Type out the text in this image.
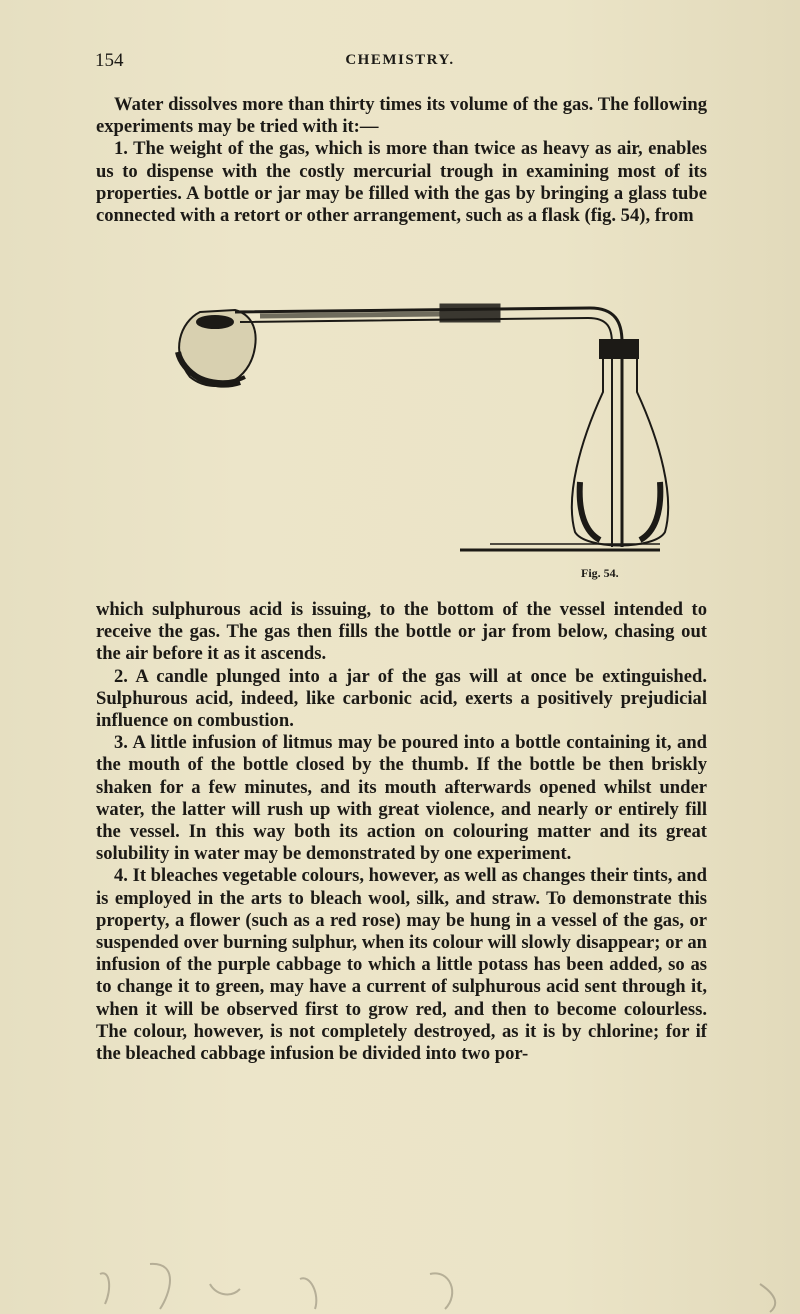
154	CHEMISTRY.

Water dissolves more than thirty times its volume of the gas. The following experiments may be tried with it:—

1. The weight of the gas, which is more than twice as heavy as air, enables us to dispense with the costly mercurial trough in examining most of its properties. A bottle or jar may be filled with the gas by bringing a glass tube connected with a retort or other arrangement, such as a flask (fig. 54), from

Fig. 54.

which sulphurous acid is issuing, to the bottom of the vessel intended to receive the gas. The gas then fills the bottle or jar from below, chasing out the air before it as it ascends.

2. A candle plunged into a jar of the gas will at once be extinguished. Sulphurous acid, indeed, like carbonic acid, exerts a positively prejudicial influence on combustion.

3. A little infusion of litmus may be poured into a bottle containing it, and the mouth of the bottle closed by the thumb. If the bottle be then briskly shaken for a few minutes, and its mouth afterwards opened whilst under water, the latter will rush up with great violence, and nearly or entirely fill the vessel. In this way both its action on colouring matter and its great solubility in water may be demonstrated by one experiment.

4. It bleaches vegetable colours, however, as well as changes their tints, and is employed in the arts to bleach wool, silk, and straw. To demonstrate this property, a flower (such as a red rose) may be hung in a vessel of the gas, or suspended over burning sulphur, when its colour will slowly disappear; or an infusion of the purple cabbage to which a little potass has been added, so as to change it to green, may have a current of sulphurous acid sent through it, when it will be observed first to grow red, and then to become colourless. The colour, however, is not completely destroyed, as it is by chlorine; for if the bleached cabbage infusion be divided into two por-
